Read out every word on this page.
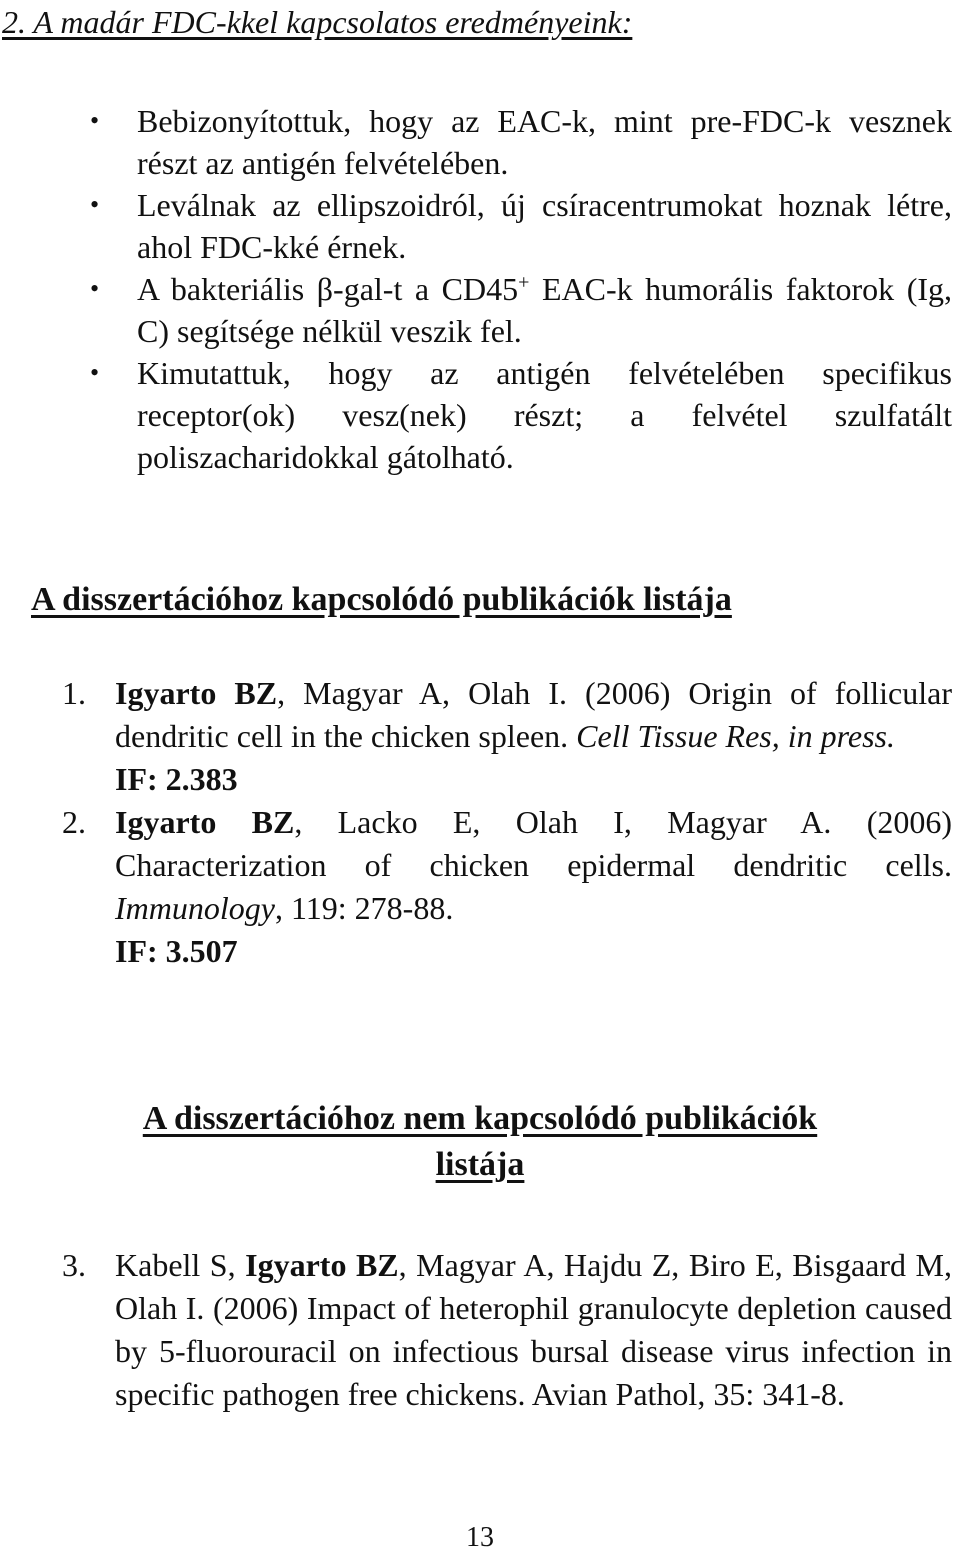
2. A madár FDC-kkel kapcsolatos eredményeink:
• Bebizonyítottuk, hogy az EAC-k, mint pre-FDC-k vesznek részt az antigén felvételében.
• Leválnak az ellipszoidról, új csíracentrumokat hoznak létre, ahol FDC-kké érnek.
• A bakteriális β-gal-t a CD45+ EAC-k humorális faktorok (Ig, C) segítsége nélkül veszik fel.
• Kimutattuk, hogy az antigén felvételében specifikus receptor(ok) vesz(nek) részt; a felvétel szulfatált poliszacharidokkal gátolható.
A disszertációhoz kapcsolódó publikációk listája
1. Igyarto BZ, Magyar A, Olah I. (2006) Origin of follicular dendritic cell in the chicken spleen. Cell Tissue Res, in press.
IF: 2.383
2. Igyarto BZ, Lacko E, Olah I, Magyar A. (2006) Characterization of chicken epidermal dendritic cells. Immunology, 119: 278-88.
IF: 3.507
A disszertációhoz nem kapcsolódó publikációk
listája
3. Kabell S, Igyarto BZ, Magyar A, Hajdu Z, Biro E, Bisgaard M, Olah I. (2006) Impact of heterophil granulocyte depletion caused by 5-fluorouracil on infectious bursal disease virus infection in specific pathogen free chickens. Avian Pathol, 35: 341-8.
13
